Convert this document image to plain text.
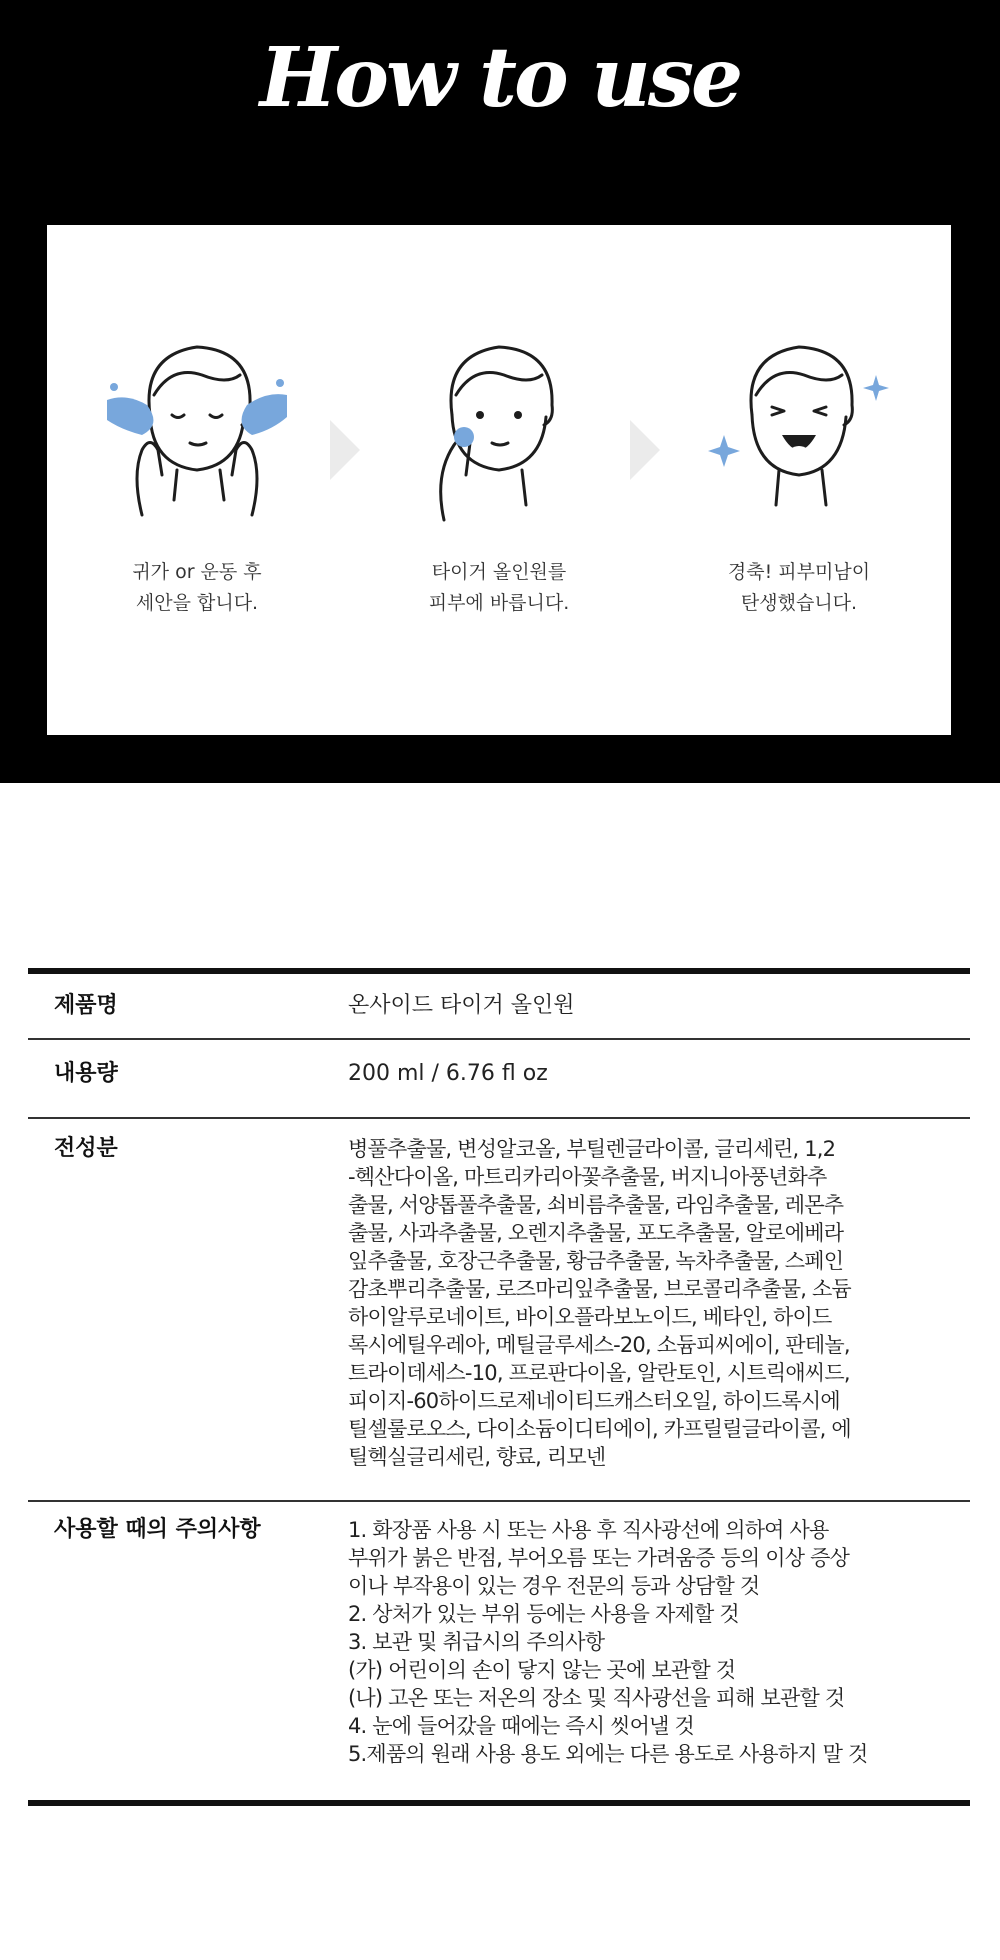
How to use
귀가 or 운동 후
세안을 합니다.
타이거 올인원를
피부에 바릅니다.
경축! 피부미남이
탄생했습니다.
제품명	온사이드 타이거 올인원
내용량	200 ml / 6.76 fl oz
전성분	병풀추출물, 변성알코올, 부틸렌글라이콜, 글리세린, 1,2
-헥산다이올, 마트리카리아꽃추출물, 버지니아풍년화추
출물, 서양톱풀추출물, 쇠비름추출물, 라임추출물, 레몬추
출물, 사과추출물, 오렌지추출물, 포도추출물, 알로에베라
잎추출물, 호장근추출물, 황금추출물, 녹차추출물, 스페인
감초뿌리추출물, 로즈마리잎추출물, 브로콜리추출물, 소듐
하이알루로네이트, 바이오플라보노이드, 베타인, 하이드
록시에틸우레아, 메틸글루세스-20, 소듐피씨에이, 판테놀,
트라이데세스-10, 프로판다이올, 알란토인, 시트릭애씨드,
피이지-60하이드로제네이티드캐스터오일, 하이드록시에
틸셀룰로오스, 다이소듐이디티에이, 카프릴릴글라이콜, 에
틸헥실글리세린, 향료, 리모넨
사용할 때의 주의사항	1. 화장품 사용 시 또는 사용 후 직사광선에 의하여 사용
부위가 붉은 반점, 부어오름 또는 가려움증 등의 이상 증상
이나 부작용이 있는 경우 전문의 등과 상담할 것
2. 상처가 있는 부위 등에는 사용을 자제할 것
3. 보관 및 취급시의 주의사항
(가) 어린이의 손이 닿지 않는 곳에 보관할 것
(나) 고온 또는 저온의 장소 및 직사광선을 피해 보관할 것
4. 눈에 들어갔을 때에는 즉시 씻어낼 것
5.제품의 원래 사용 용도 외에는 다른 용도로 사용하지 말 것
